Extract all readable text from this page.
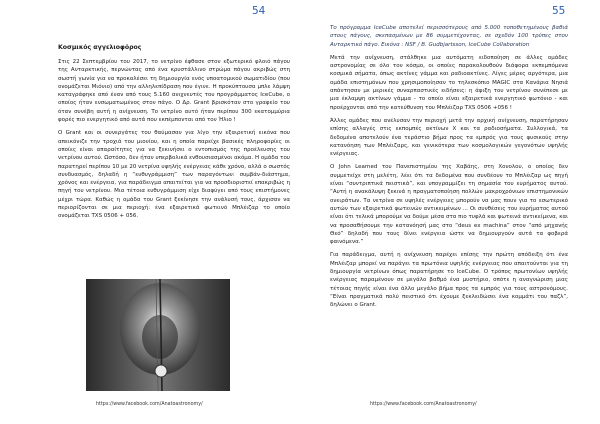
54
Κοσμικός αγγελιοφόρος

Στις 22 Σεπτεμβρίου του 2017, το νετρίνο έφθασε στον εξωτερικό φλοιό πάγου της Ανταρκτικής, περνώντας από ένα κρυστάλλινο στρώμα πάγου ακριβώς στη σωστή γωνία για να προκαλέσει τη δημιουργία ενός υποατομικού σωματιδίου (που ονομάζεται Μιόνιο) από την αλληλεπίδραση που έγινε. Η προκύπτουσα μπλε λάμψη καταγράφηκε από έναν από τους 5.160 ανιχνευτές του προγράμματος IceCube, ο οποίος ήταν ενσωματωμένος στον πάγο. Ο Δρ. Grant βρισκόταν στο γραφείο του όταν συνέβη αυτή η ανίχνευση. Το νετρίνο αυτό ήταν περίπου 300 εκατομμύρια φορές πιο ενεργητικό από αυτά που εκπέμπονται από τον Ήλιο !

Ο Grant και οι συνεργάτες του θαύμασαν για λίγο την εξαιρετική εικόνα που απεικόνιζε την τροχιά του μιονίου, και η οποία παρείχε βασικές πληροφορίες οι οποίες είναι απαραίτητες για να ξεκινήσει ο εντοπισμός της προέλευσης του νετρίνου αυτού. Ωστόσο, δεν ήταν υπερβολικά ενθουσιασμένοι ακόμα. Η ομάδα του παρατηρεί περίπου 10 με 20 νετρίνα υψηλής ενέργειας κάθε χρόνο, αλλά ο σωστός συνδυασμός, δηλαδή η “ευθυγράμμιση” των παραγόντων: συμβάν-διάστημα, χρόνος και ενέργεια, για παράδειγμα απαιτείται για να προσδιοριστεί επακριβώς η πηγή του νετρίνου. Μια τέτοια ευθυγράμμιση είχε διαφύγει από τους επιστήμονες μέχρι τώρα. Καθώς η ομάδα του Grant ξεκίνησε την ανάλυσή τους, άρχισαν να περιορίζονται σε μια περιοχή: ένα εξαιρετικά φωτεινό Μπλέιζαρ το οποίο ονομάζεται TXS 0506 + 056.

https://www.facebook.com/Anatoastronomy/
55

Το πρόγραμμα IceCube αποτελεί περισσότερους από 5.000 τοποθετημένους βαθιά στους πάγους, σκεπασμένων με 86 συμμετέχοντας, σε σχεδόν 100 τρύπες στον Ανταρκτικό πάγο. Εικόνα : NSF / B. Gudbjartsson, IceCube Collaboration

Μετά την ανίχνευση, στάλθηκε μια αυτόματη ειδοποίηση σε άλλες ομάδες αστρονομίας σε όλο τον κόσμο, οι οποίες παρακολουθούν διάφορα εκπεμπόμενα κοσμικά σήματα, όπως ακτίνες γάμμα και ραδιοακτίνες. Λίγες μέρες αργότερα, μια ομάδα επιστημόνων που χρησιμοποίησαν το τηλεσκόπιο MAGIC στα Κανάρια Νησιά απάντησαν με μερικές συναρπαστικές ειδήσεις: η άφιξη του νετρίνου συνέπεσε με μια έκλαμψη ακτίνων γάμμα - το οποίο είναι εξαιρετικά ενεργητικό φωτόνιο - και προέρχονται από την κατεύθυνση του Μπλέιζαρ TXS 0506 +056 !

Άλλες ομάδες που ανέλυσαν την περιοχή μετά την αρχική ανίχνευση, παρατήρησαν επίσης αλλαγές στις εκπομπές ακτίνων Χ και τα ραδιοσήματα. Συλλογικά, τα δεδομένα αποτελούν ένα τεράστιο βήμα προς τα εμπρός για τους φυσικούς στην κατανόηση των Μπλέιζαρς, και γενικότερα των κοσμολογικών γεγονότων υψηλής ενέργειας.

Ο John Learned του Πανεπιστημίου της Χαβάης, στη Χονολου, ο οποίος δεν συμμετείχε στη μελέτη, λέει ότι τα δεδομένα που συνδέουν το Μπλέιζαρ ως πηγή είναι “συντριπτικά πειστικά”, και υπογραμμίζει τη σημασία του ευρήματος αυτού. “Αυτή η ανακάλυψη ξεκινά η πραγματοποίηση πολλών μακροχρόνιων επιστημονικών ονειράτων. Τα νετρίνα σε υψηλές ενέργειες μπορούν να μας πουν για το εσωτερικό αυτών των εξαιρετικά φωτεινών αντικειμένων ... Οι συνθέσεις του ευρήματος αυτού είναι ότι τελικά μπορούμε να δούμε μέσα στα πιο τυφλά και φωτεινά αντικείμενα, και να προσαθήσουμε την κατανόησή μας στο “deus ex machina” στον “από μηχανής Θεό” δηλαδή που τους δίνει ενέργεια ώστε να δημιουργούν αυτά τα φοβερά φαινόμενα.”

Για παράδειγμα, αυτή η ανίχνευση παρέχει επίσης την πρώτη απόδειξη ότι ένα Μπλέιζαρ μπορεί να παράγει τα πρωτόνια υψηλής ενέργειας που απαιτούνται για τη δημιουργία νετρίνων όπως παρατήρησε το IceCube. Ο τρόπος πρωτονίων υψηλής ενέργειας παραμένουν σε μεγάλο βαθμό ένα μυστήριο, οπότε η αναγνώριση μιας τέτοιας πηγής είναι ένα άλλο μεγάλο βήμα προς τα εμπρός για τους αστρονόμους. “Είναι πραγματικά πολύ πειστικό ότι έχουμε ξεκλειδώσει ένα κομμάτι του παζλ”, δηλώνει ο Grant.

https://www.facebook.com/Anatoastronomy/
